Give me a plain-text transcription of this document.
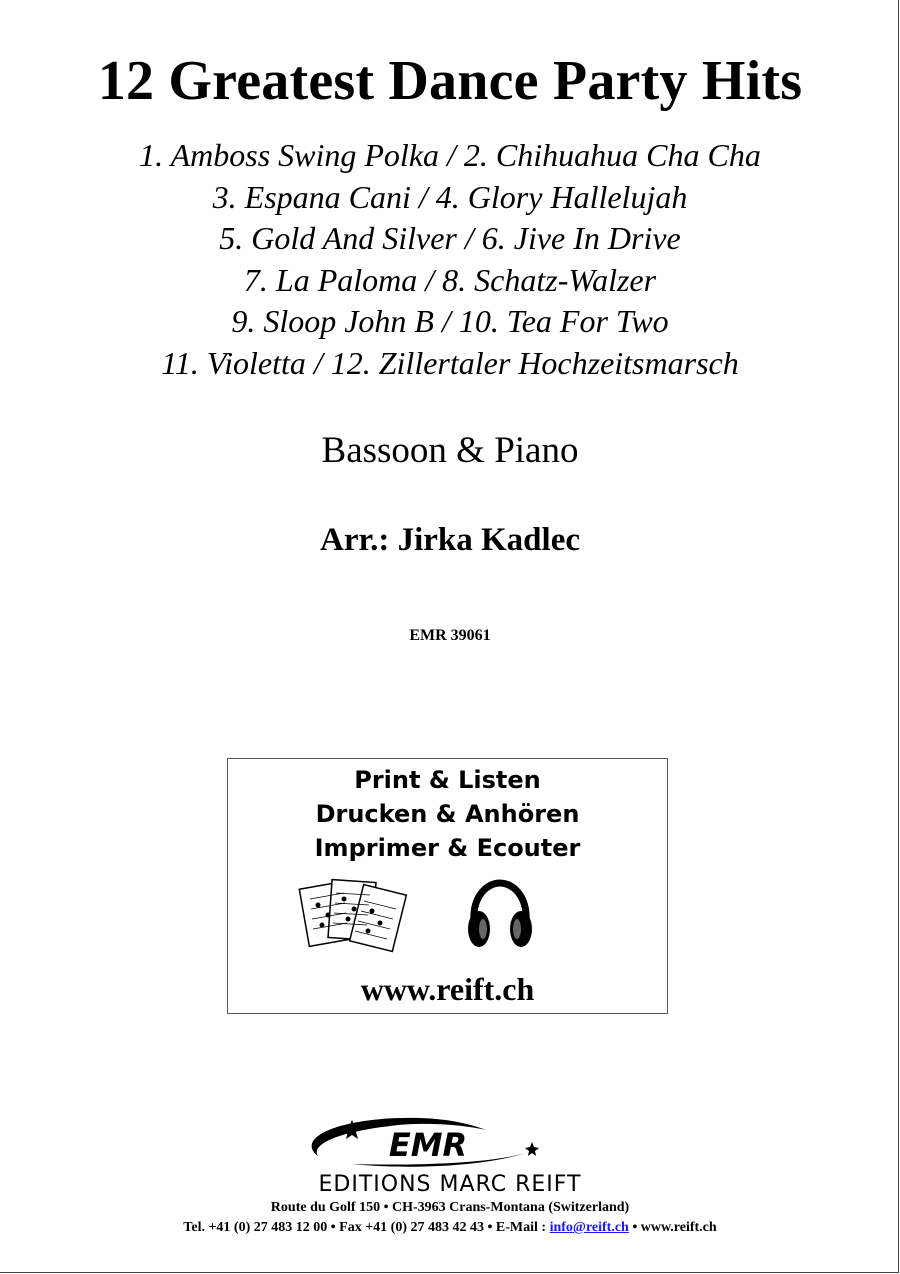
12 Greatest Dance Party Hits
1. Amboss Swing Polka / 2. Chihuahua Cha Cha
3. Espana Cani / 4. Glory Hallelujah
5. Gold And Silver / 6. Jive In Drive
7. La Paloma / 8. Schatz-Walzer
9. Sloop John B / 10. Tea For Two
11. Violetta / 12. Zillertaler Hochzeitsmarsch
Bassoon & Piano
Arr.: Jirka Kadlec
EMR 39061
Print & Listen
Drucken & Anhören
Imprimer & Ecouter
www.reift.ch
EMR
EDITIONS MARC REIFT
Route du Golf 150 • CH-3963 Crans-Montana (Switzerland)
Tel. +41 (0) 27 483 12 00 • Fax +41 (0) 27 483 42 43 • E-Mail : info@reift.ch • www.reift.ch
